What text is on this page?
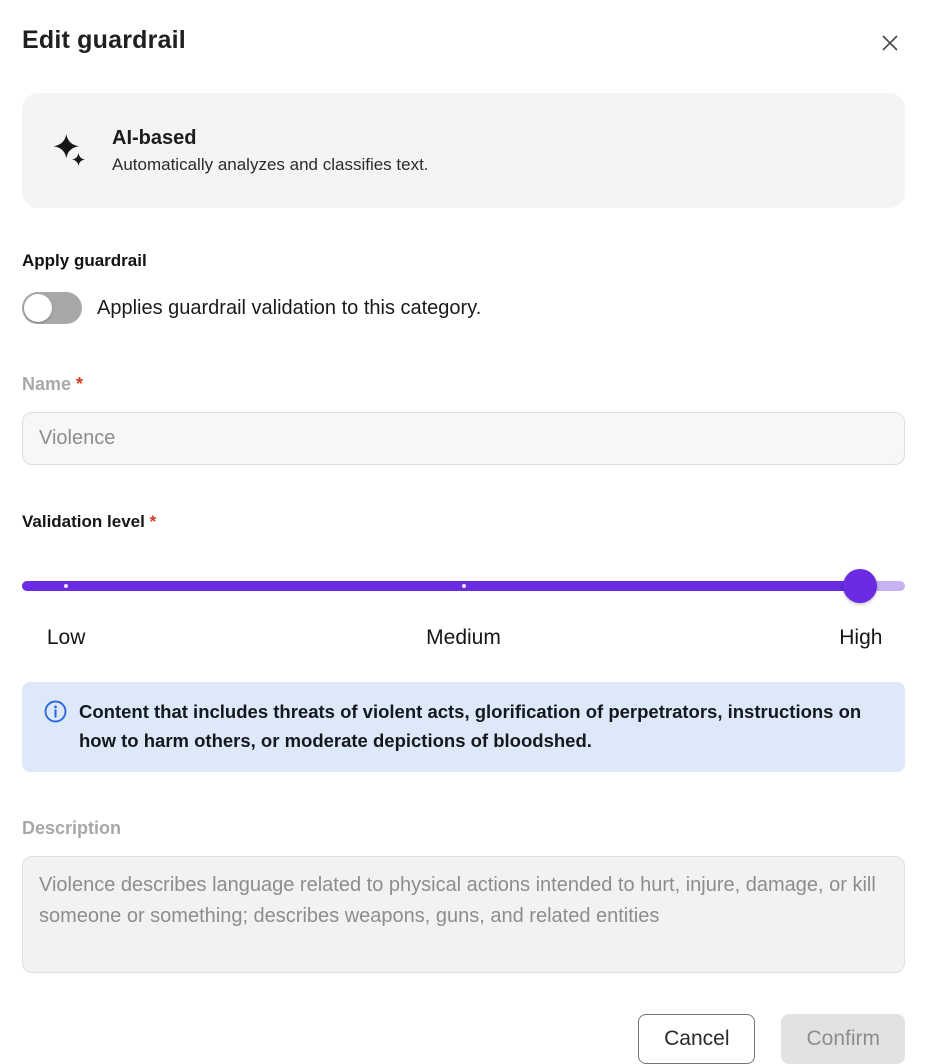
Edit guardrail
AI-based
Automatically analyzes and classifies text.
Apply guardrail
Applies guardrail validation to this category.
Name *
Violence
Validation level *
Low	Medium	High
Content that includes threats of violent acts, glorification of perpetrators, instructions on how to harm others, or moderate depictions of bloodshed.
Description
Violence describes language related to physical actions intended to hurt, injure, damage, or kill someone or something; describes weapons, guns, and related entities
Cancel	Confirm
